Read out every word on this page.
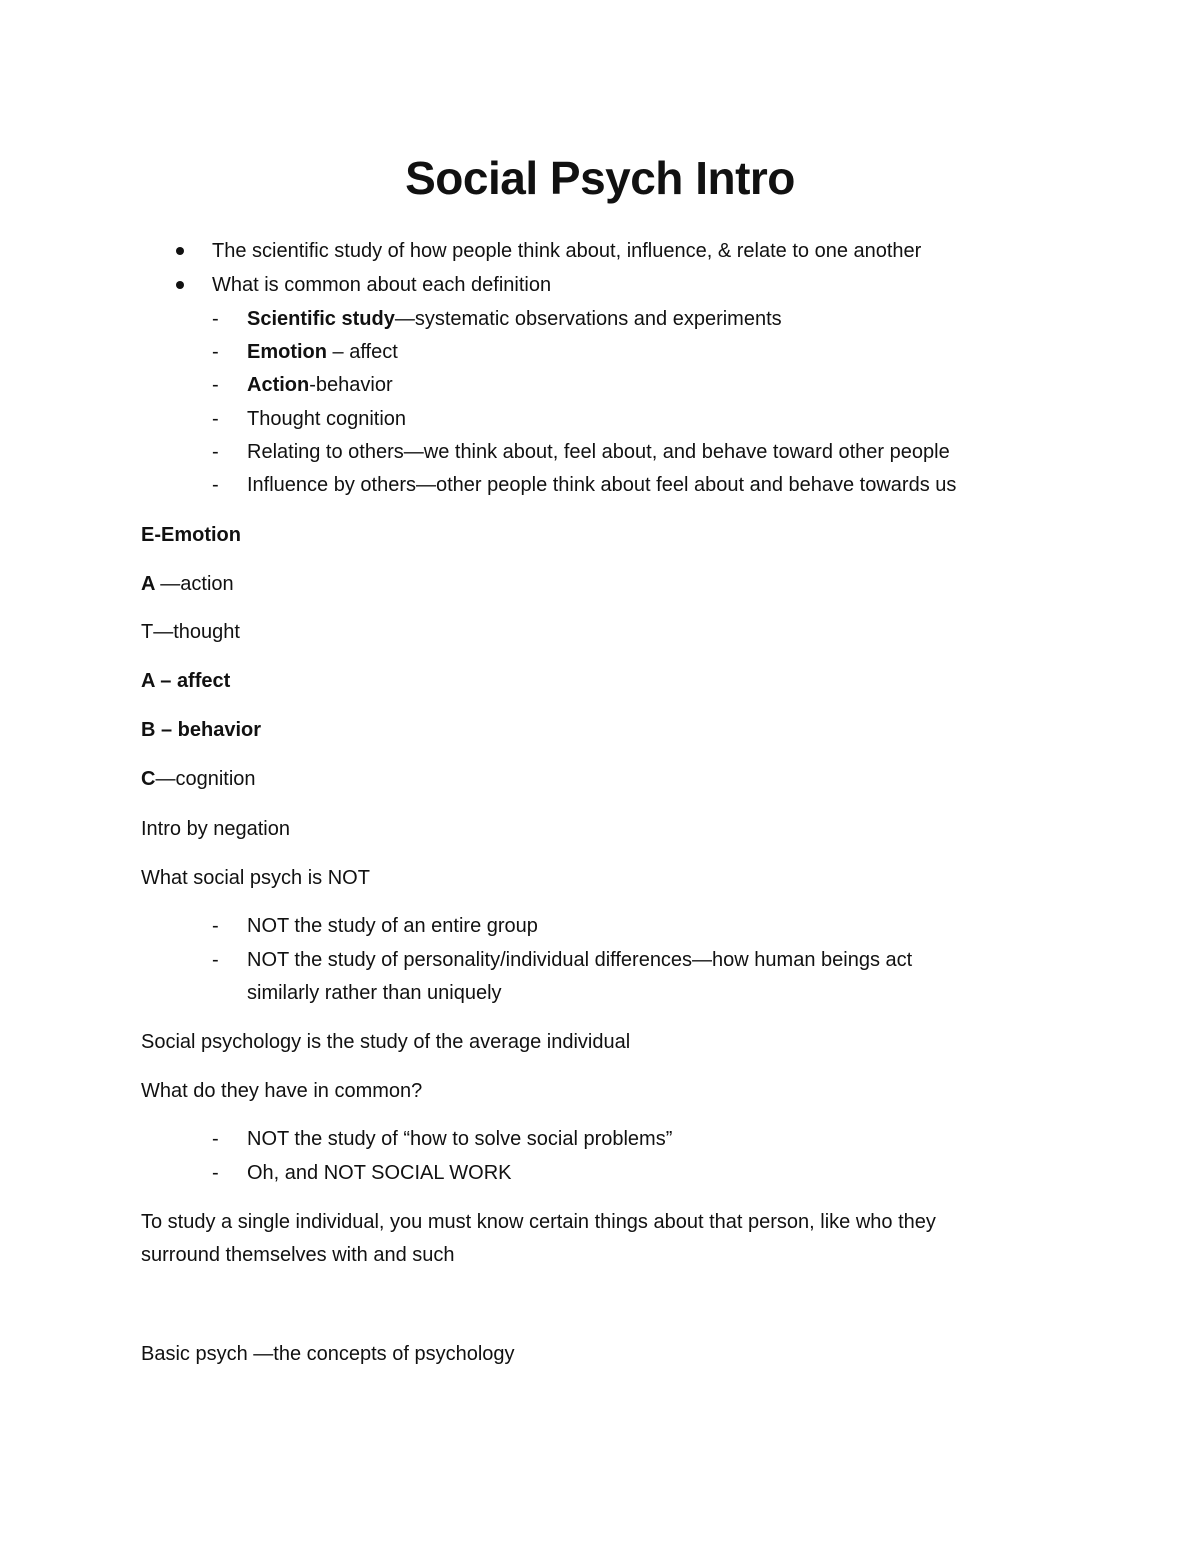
Social Psych Intro
The scientific study of how people think about, influence, & relate to one another
What is common about each definition
- Scientific study—systematic observations and experiments
- Emotion – affect
- Action-behavior
- Thought cognition
- Relating to others—we think about, feel about, and behave toward other people
- Influence by others—other people think about feel about and behave towards us
E-Emotion
A —action
T—thought
A – affect
B – behavior
C—cognition
Intro by negation
What social psych is NOT
- NOT the study of an entire group
- NOT the study of personality/individual differences—how human beings act
similarly rather than uniquely
Social psychology is the study of the average individual
What do they have in common?
- NOT the study of “how to solve social problems”
- Oh, and NOT SOCIAL WORK
To study a single individual, you must know certain things about that person, like who they
surround themselves with and such
Basic psych —the concepts of psychology
